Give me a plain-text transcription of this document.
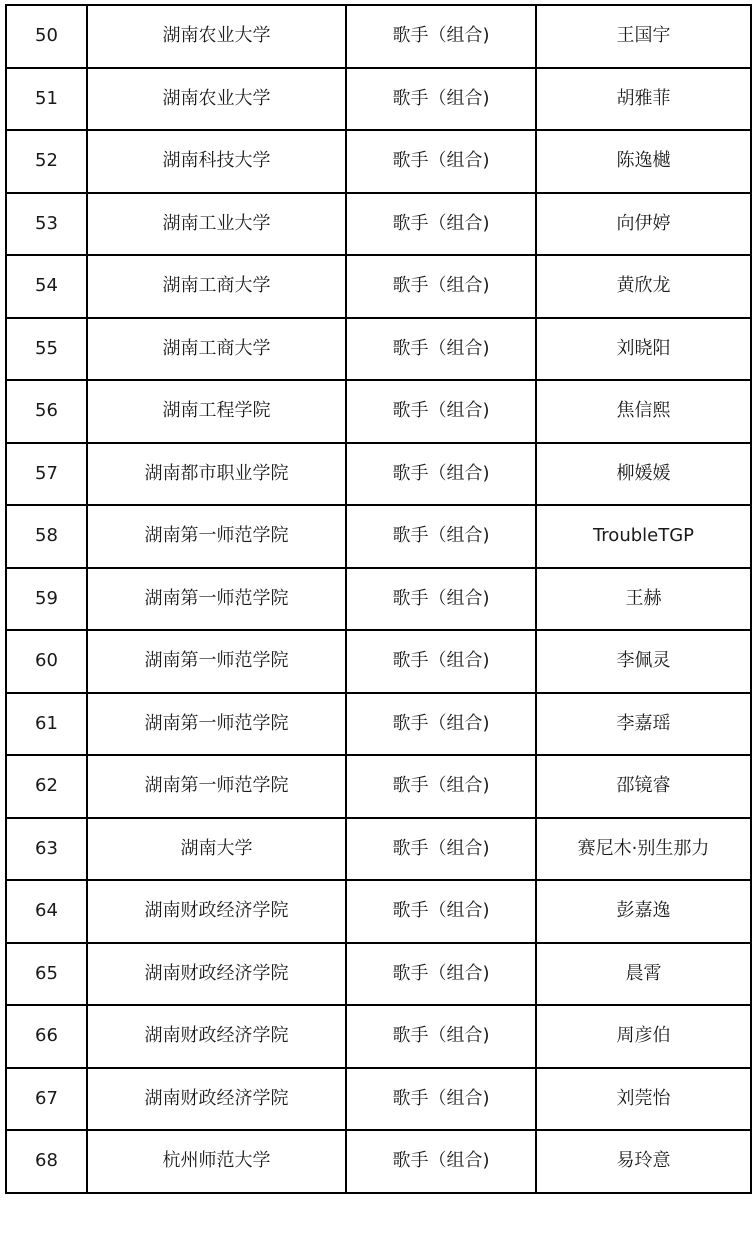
50	湖南农业大学	歌手（组合)	王国宇
51	湖南农业大学	歌手（组合)	胡雅菲
52	湖南科技大学	歌手（组合)	陈逸樾
53	湖南工业大学	歌手（组合)	向伊婷
54	湖南工商大学	歌手（组合)	黄欣龙
55	湖南工商大学	歌手（组合)	刘晓阳
56	湖南工程学院	歌手（组合)	焦信熙
57	湖南都市职业学院	歌手（组合)	柳媛媛
58	湖南第一师范学院	歌手（组合)	TroubleTGP
59	湖南第一师范学院	歌手（组合)	王赫
60	湖南第一师范学院	歌手（组合)	李佩灵
61	湖南第一师范学院	歌手（组合)	李嘉瑶
62	湖南第一师范学院	歌手（组合)	邵镜睿
63	湖南大学	歌手（组合)	赛尼木·别生那力
64	湖南财政经济学院	歌手（组合)	彭嘉逸
65	湖南财政经济学院	歌手（组合)	晨霄
66	湖南财政经济学院	歌手（组合)	周彦伯
67	湖南财政经济学院	歌手（组合)	刘莞怡
68	杭州师范大学	歌手（组合)	易玲意
